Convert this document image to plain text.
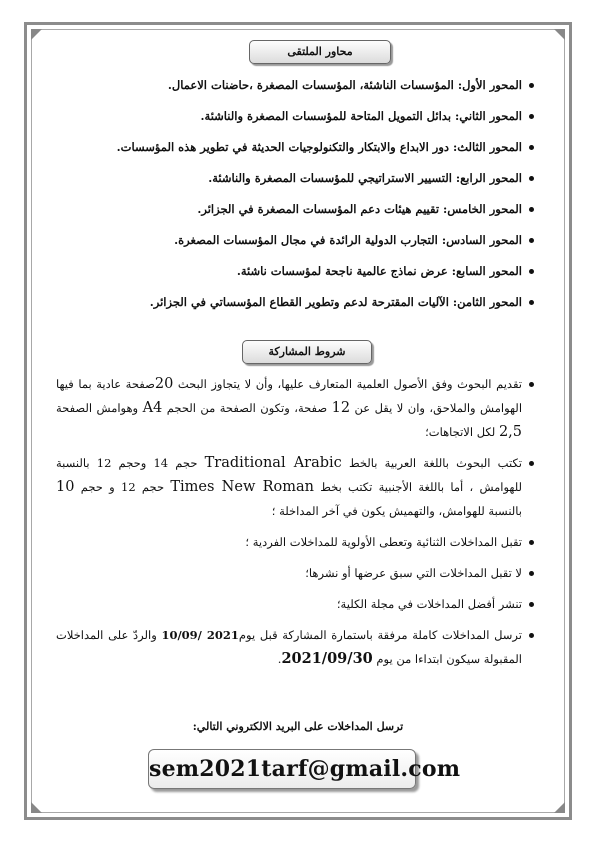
محاور الملتقى
المحور الأول: المؤسسات الناشئة، المؤسسات المصغرة ،حاضنات الاعمال.
المحور الثاني: بدائل التمويل المتاحة للمؤسسات المصغرة والناشئة.
المحور الثالث: دور الابداع والابتكار والتكنولوجيات الحديثة في تطوير هذه المؤسسات.
المحور الرابع: التسيير الاستراتيجي للمؤسسات المصغرة والناشئة.
المحور الخامس: تقييم هيئات دعم المؤسسات المصغرة في الجزائر.
المحور السادس: التجارب الدولية الرائدة في مجال المؤسسات المصغرة.
المحور السابع: عرض نماذج عالمية ناجحة لمؤسسات ناشئة.
المحور الثامن: الآليات المقترحة لدعم وتطوير القطاع المؤسساتي في الجزائر.
شروط المشاركة
تقديم البحوث وفق الأصول العلمية المتعارف عليها، وأن لا يتجاوز البحث 20صفحة عادية بما فيها الهوامش والملاحق، وان لا يقل عن 12 صفحة، وتكون الصفحة من الحجم A4 وهوامش الصفحة 2,5 لكل الاتجاهات؛
تكتب البحوث باللغة العربية بالخط Traditional Arabic حجم 14 وحجم 12 بالنسبة للهوامش ، أما باللغة الأجنبية تكتب بخط Times New Roman حجم 12 و حجم 10 بالنسبة للهوامش، والتهميش يكون في آخر المداخلة ؛
تقبل المداخلات الثنائية وتعطى الأولوية للمداخلات الفردية ؛
لا تقبل المداخلات التي سبق عرضها أو نشرها؛
تنشر أفضل المداخلات في مجلة الكلية؛
ترسل المداخلات كاملة مرفقة باستمارة المشاركة قبل يوم10/09/ 2021 والردّ على المداخلات المقبولة سيكون ابتداءا من يوم 2021/09/30.
ترسل المداخلات على البريد الالكتروني التالي:
sem2021tarf@gmail.com
